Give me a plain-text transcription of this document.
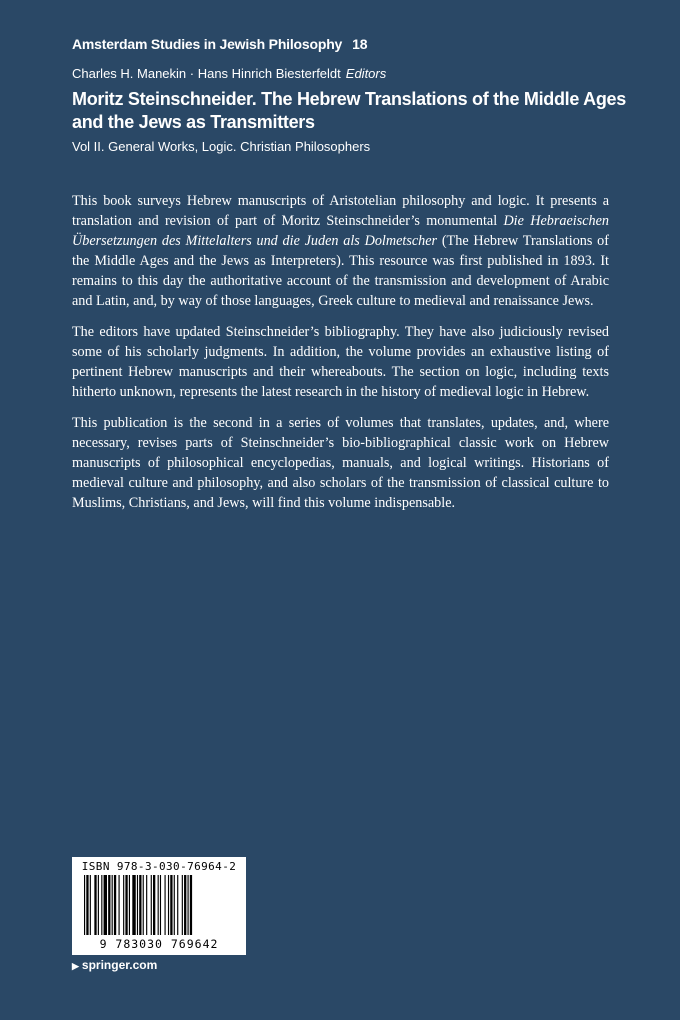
Amsterdam Studies in Jewish Philosophy 18
Charles H. Manekin · Hans Hinrich Biesterfeldt Editors
Moritz Steinschneider. The Hebrew Translations of the Middle Ages and the Jews as Transmitters
Vol II. General Works, Logic. Christian Philosophers

This book surveys Hebrew manuscripts of Aristotelian philosophy and logic. It presents a translation and revision of part of Moritz Steinschneider’s monumental Die Hebraeischen Übersetzungen des Mittelalters und die Juden als Dolmetscher (The Hebrew Translations of the Middle Ages and the Jews as Interpreters). This resource was first published in 1893. It remains to this day the authoritative account of the transmission and development of Arabic and Latin, and, by way of those languages, Greek culture to medieval and renaissance Jews.

The editors have updated Steinschneider’s bibliography. They have also judiciously revised some of his scholarly judgments. In addition, the volume provides an exhaustive listing of pertinent Hebrew manuscripts and their whereabouts. The section on logic, including texts hitherto unknown, represents the latest research in the history of medieval logic in Hebrew.

This publication is the second in a series of volumes that translates, updates, and, where necessary, revises parts of Steinschneider’s bio-bibliographical classic work on Hebrew manuscripts of philosophical encyclopedias, manuals, and logical writings. Historians of medieval culture and philosophy, and also scholars of the transmission of classical culture to Muslims, Christians, and Jews, will find this volume indispensable.

ISBN 978-3-030-76964-2
9 783030 769642
▶ springer.com
